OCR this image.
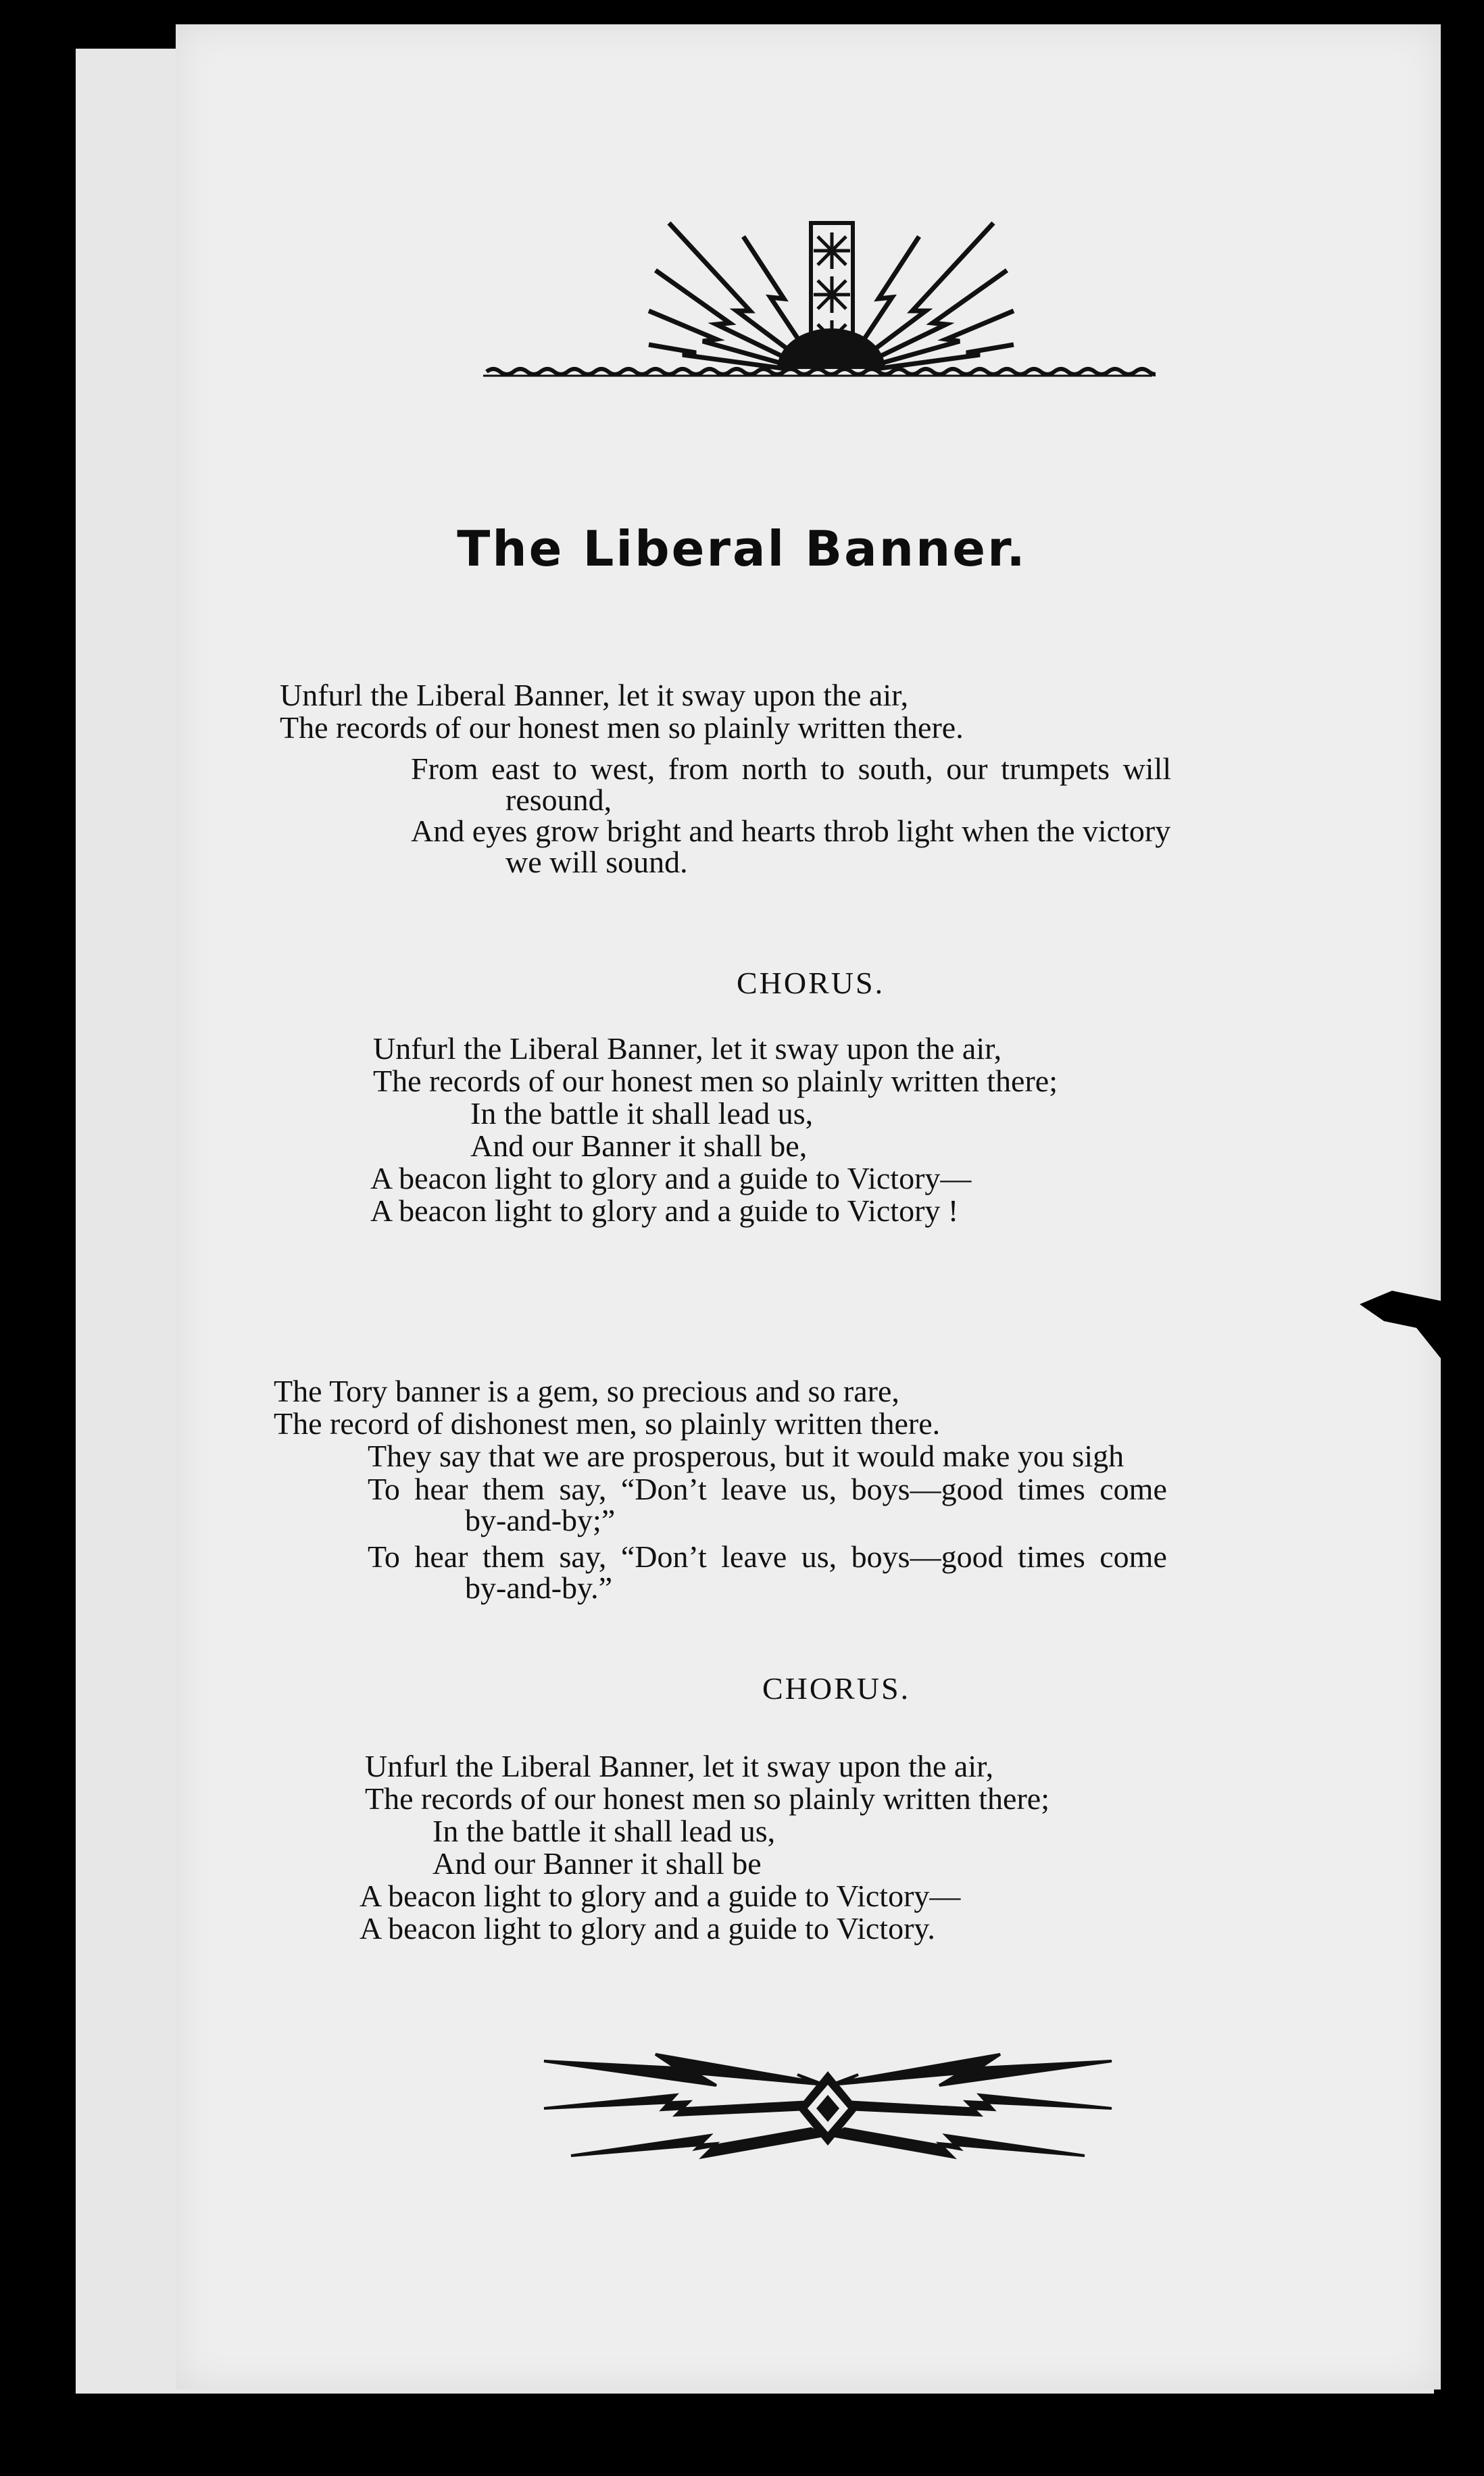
The Liberal Banner.
Unfurl the Liberal Banner, let it sway upon the air,
The records of our honest men so plainly written there.
From east to west, from north to south, our trumpets will
resound,
And eyes grow bright and hearts throb light when the victory
we will sound.
CHORUS.
Unfurl the Liberal Banner, let it sway upon the air,
The records of our honest men so plainly written there;
In the battle it shall lead us,
And our Banner it shall be,
A beacon light to glory and a guide to Victory—
A beacon light to glory and a guide to Victory !
The Tory banner is a gem, so precious and so rare,
The record of dishonest men, so plainly written there.
They say that we are prosperous, but it would make you sigh
To hear them say, “Don’t leave us, boys—good times come
by-and-by;”
To hear them say, “Don’t leave us, boys—good times come
by-and-by.”
CHORUS.
Unfurl the Liberal Banner, let it sway upon the air,
The records of our honest men so plainly written there;
In the battle it shall lead us,
And our Banner it shall be
A beacon light to glory and a guide to Victory—
A beacon light to glory and a guide to Victory.
